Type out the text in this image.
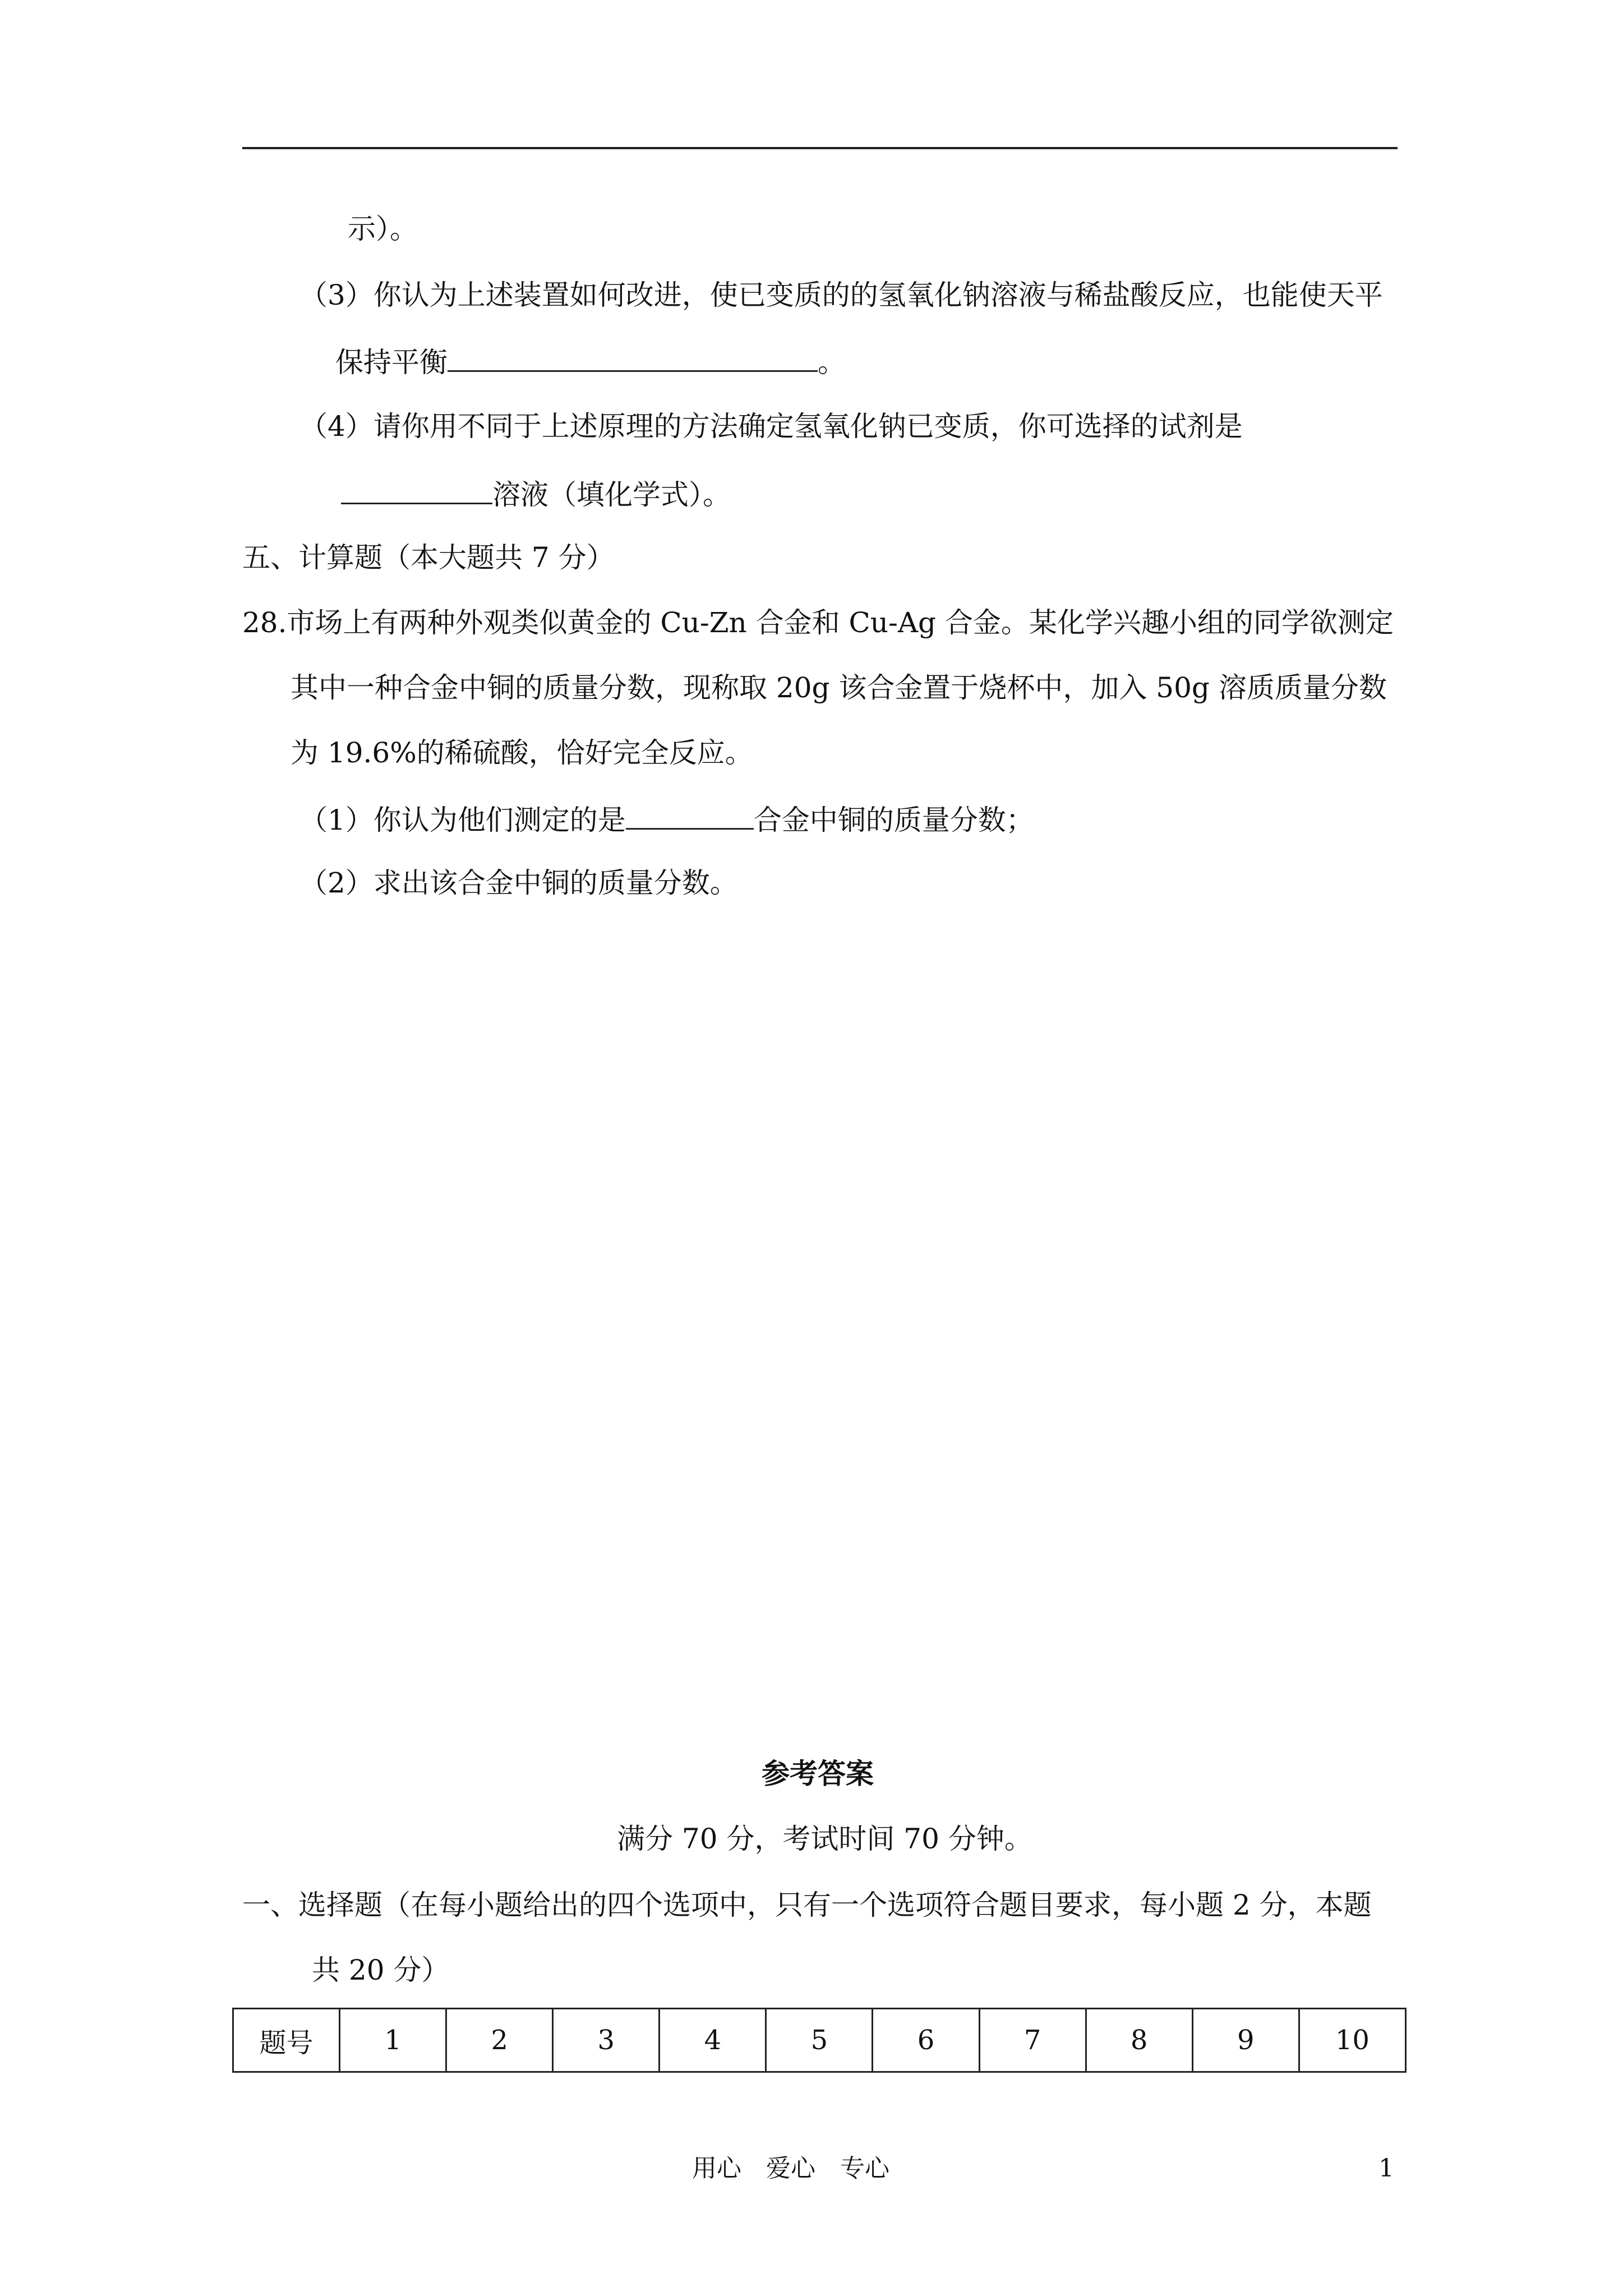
示）。
（3）你认为上述装置如何改进，使已变质的的氢氧化钠溶液与稀盐酸反应，也能使天平
保持平衡	。
（4）请你用不同于上述原理的方法确定氢氧化钠已变质，你可选择的试剂是
溶液（填化学式）。
五、计算题（本大题共 7 分）
28.市场上有两种外观类似黄金的 Cu-Zn 合金和 Cu-Ag 合金。某化学兴趣小组的同学欲测定
其中一种合金中铜的质量分数，现称取 20g 该合金置于烧杯中，加入 50g 溶质质量分数
为 19.6%的稀硫酸，恰好完全反应。
（1）你认为他们测定的是	合金中铜的质量分数；
（2）求出该合金中铜的质量分数。
参考答案
满分 70 分，考试时间 70 分钟。
一、选择题（在每小题给出的四个选项中，只有一个选项符合题目要求，每小题 2 分，本题
共 20 分）
题号	1	2	3	4	5	6	7	8	9	10
用心　爱心　专心	1
